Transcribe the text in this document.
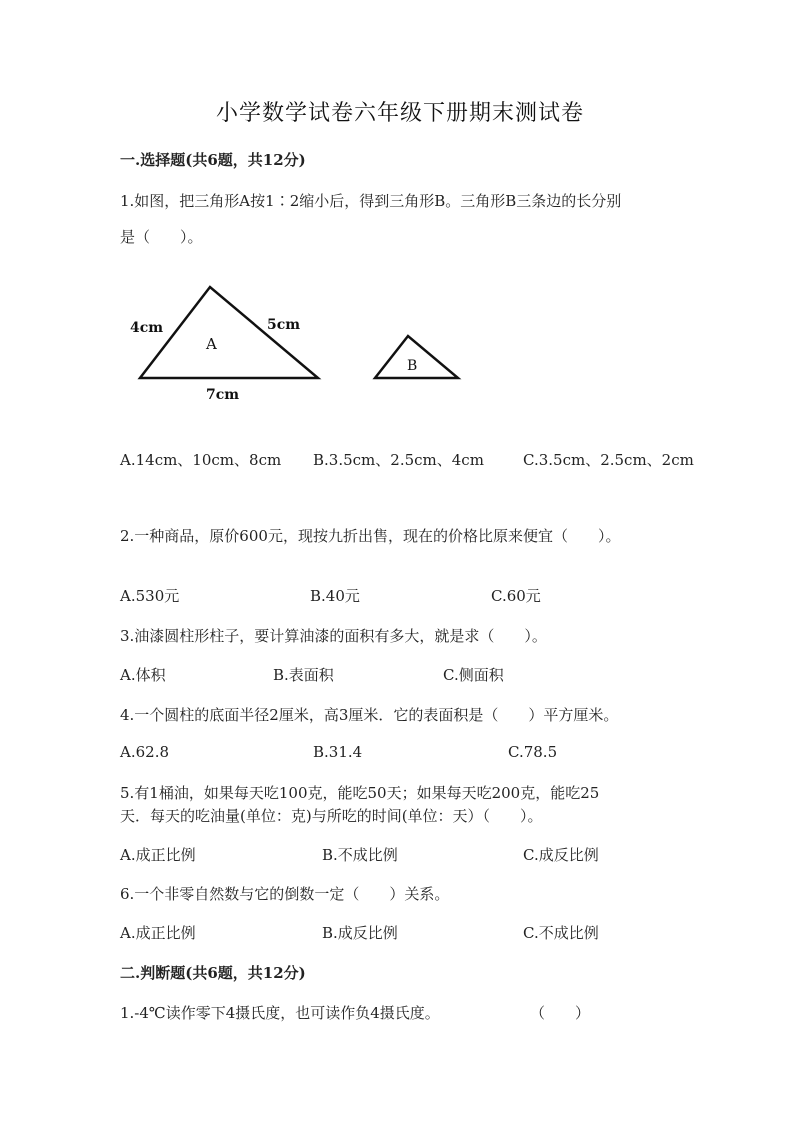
小学数学试卷六年级下册期末测试卷
一.选择题(共6题，共12分)
1.如图，把三角形A按1∶2缩小后，得到三角形B。三角形B三条边的长分别
是（　　）。
A
B
4cm	5cm
7cm
A.14cm、10cm、8cm B.3.5cm、2.5cm、4cm	C.3.5cm、2.5cm、2cm
2.一种商品，原价600元，现按九折出售，现在的价格比原来便宜（　　）。
A.530元	B.40元	C.60元
3.油漆圆柱形柱子，要计算油漆的面积有多大，就是求（　　）。
A.体积	B.表面积	C.侧面积
4.一个圆柱的底面半径2厘米，高3厘米．它的表面积是（　　）平方厘米。
A.62.8	B.31.4	C.78.5
5.有1桶油，如果每天吃100克，能吃50天；如果每天吃200克，能吃25
天．每天的吃油量(单位：克)与所吃的时间(单位：天）（　　）。
A.成正比例	B.不成比例	C.成反比例
6.一个非零自然数与它的倒数一定（　　）关系。
A.成正比例	B.成反比例	C.不成比例
二.判断题(共6题，共12分)
1.-4℃读作零下4摄氏度，也可读作负4摄氏度。	（　　）
